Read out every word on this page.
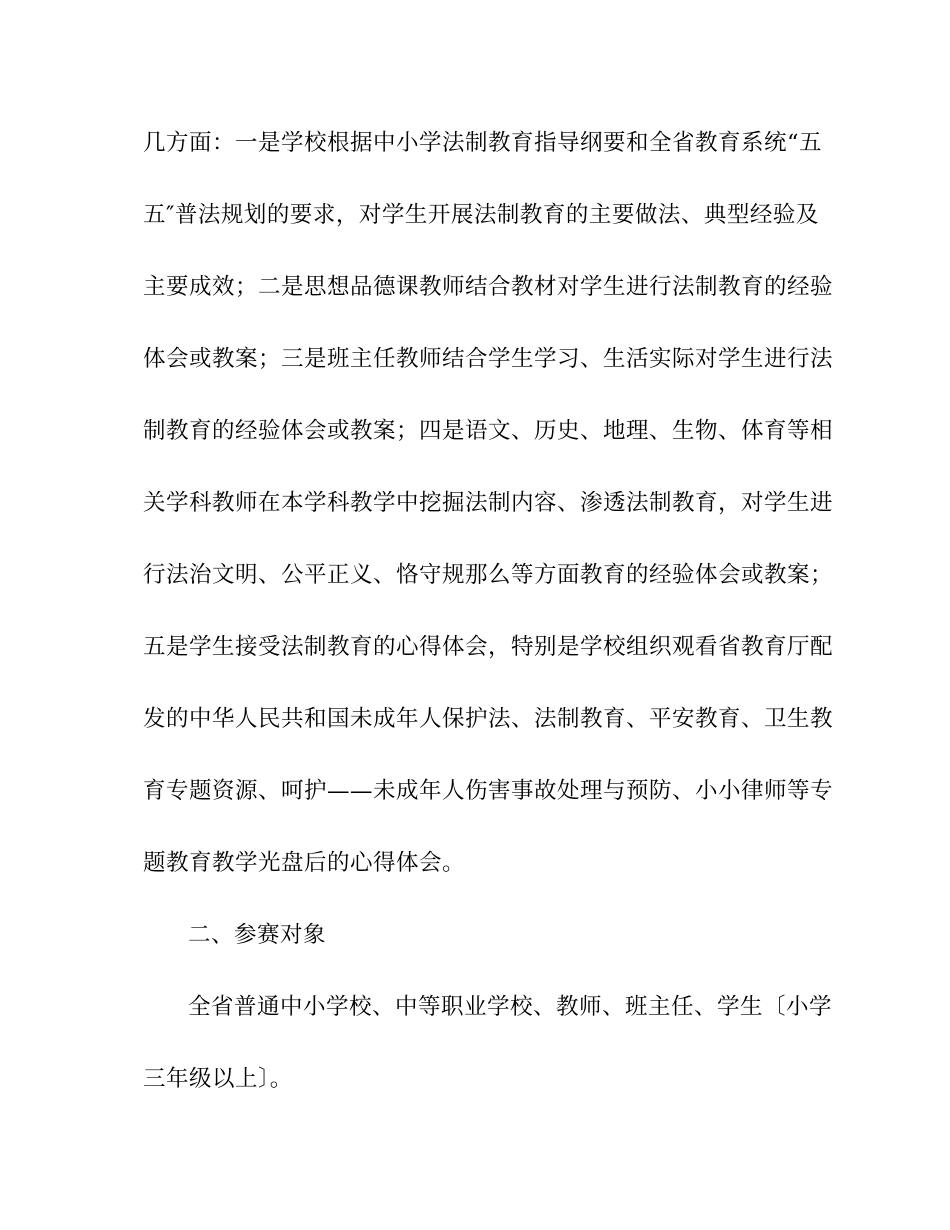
几方面：一是学校根据中小学法制教育指导纲要和全省教育系统“五
五″普法规划的要求，对学生开展法制教育的主要做法、典型经验及
主要成效；二是思想品德课教师结合教材对学生进行法制教育的经验
体会或教案；三是班主任教师结合学生学习、生活实际对学生进行法
制教育的经验体会或教案；四是语文、历史、地理、生物、体育等相
关学科教师在本学科教学中挖掘法制内容、渗透法制教育，对学生进
行法治文明、公平正义、恪守规那么等方面教育的经验体会或教案；
五是学生接受法制教育的心得体会，特别是学校组织观看省教育厅配
发的中华人民共和国未成年人保护法、法制教育、平安教育、卫生教
育专题资源、呵护——未成年人伤害事故处理与预防、小小律师等专
题教育教学光盘后的心得体会。
二、参赛对象
全省普通中小学校、中等职业学校、教师、班主任、学生〔小学
三年级以上〕。
